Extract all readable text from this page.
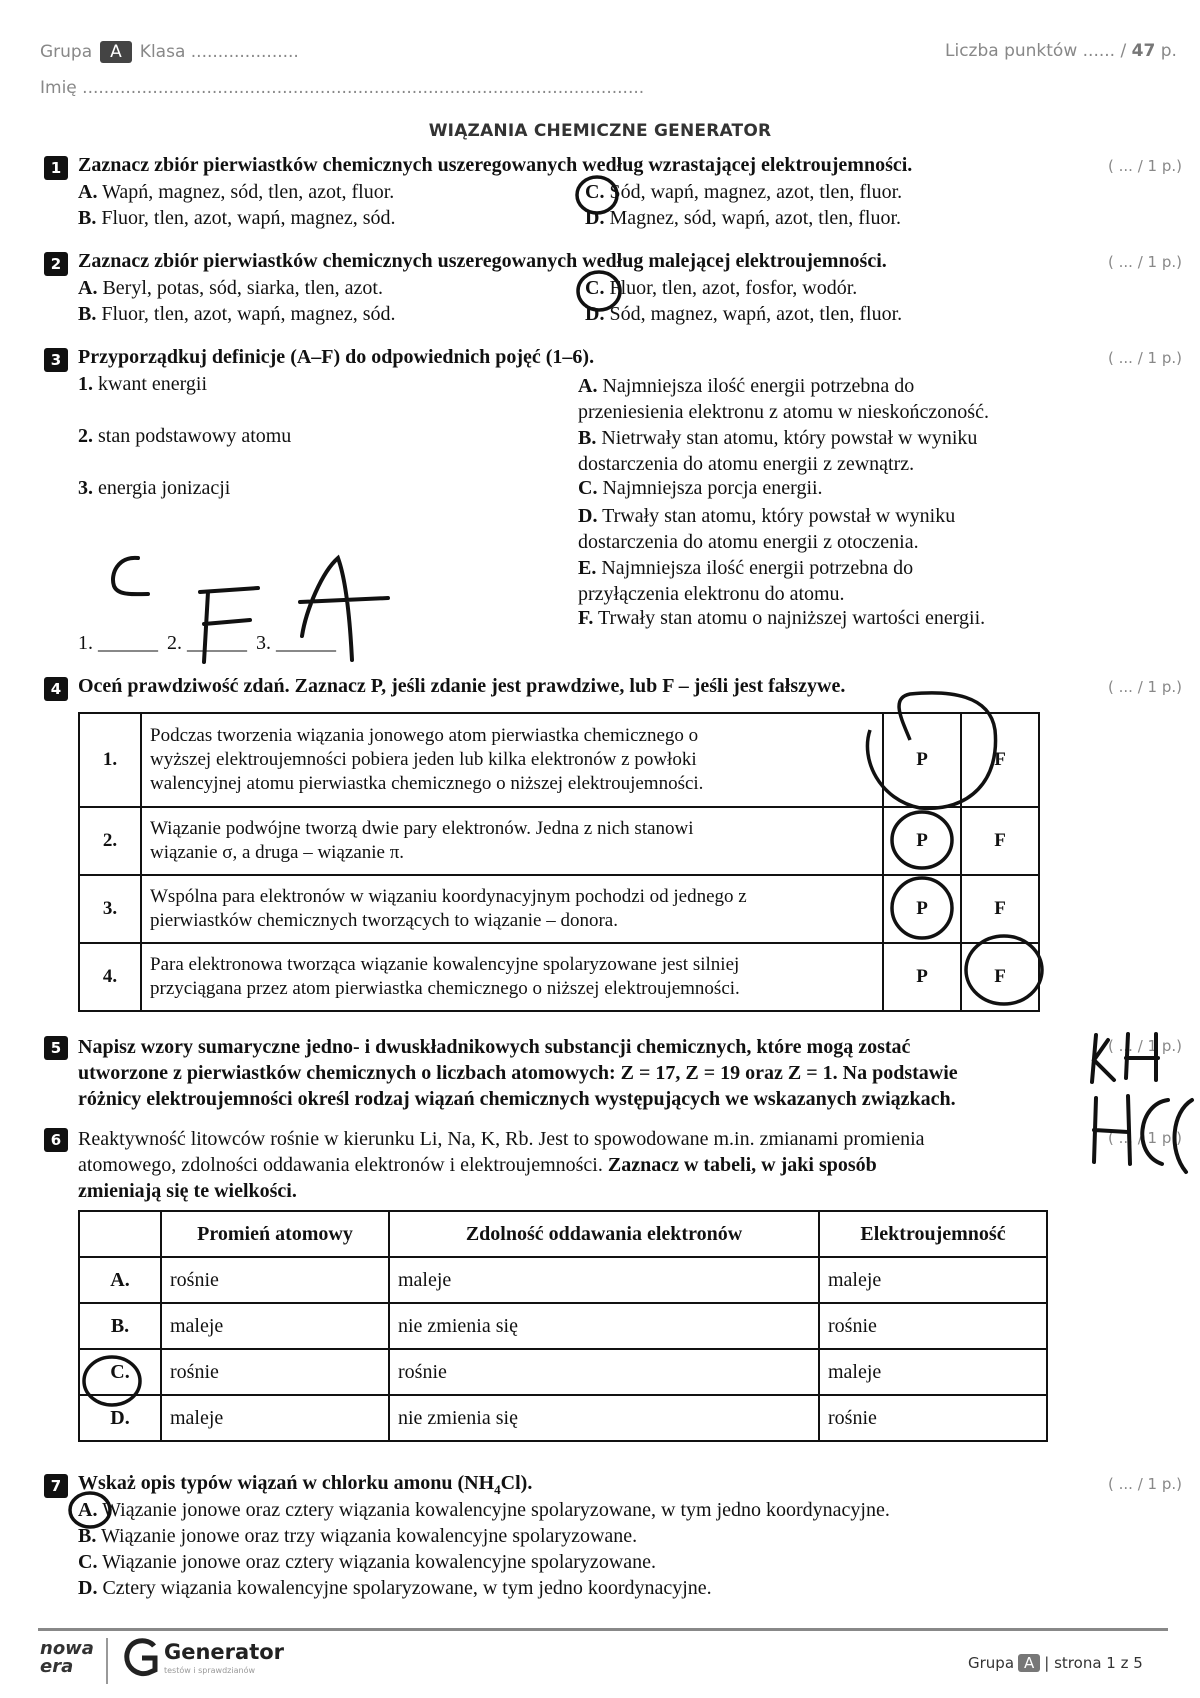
Grupa A Klasa ....................	Liczba punktów ...... / 47 p.
Imię ........................................................................................................
WIĄZANIA CHEMICZNE GENERATOR
1 Zaznacz zbiór pierwiastków chemicznych uszeregowanych według wzrastającej elektroujemności.	( ... / 1 p.)
A. Wapń, magnez, sód, tlen, azot, fluor.
B. Fluor, tlen, azot, wapń, magnez, sód.
C. Sód, wapń, magnez, azot, tlen, fluor.
D. Magnez, sód, wapń, azot, tlen, fluor.
2 Zaznacz zbiór pierwiastków chemicznych uszeregowanych według malejącej elektroujemności.	( ... / 1 p.)
A. Beryl, potas, sód, siarka, tlen, azot.
B. Fluor, tlen, azot, wapń, magnez, sód.
C. Fluor, tlen, azot, fosfor, wodór.
D. Sód, magnez, wapń, azot, tlen, fluor.
3 Przyporządkuj definicje (A–F) do odpowiednich pojęć (1–6).	( ... / 1 p.)
1. kwant energii
2. stan podstawowy atomu
3. energia jonizacji
A. Najmniejsza ilość energii potrzebna do
przeniesienia elektronu z atomu w nieskończoność.
B. Nietrwały stan atomu, który powstał w wyniku
dostarczenia do atomu energii z zewnątrz.
C. Najmniejsza porcja energii.
D. Trwały stan atomu, który powstał w wyniku
dostarczenia do atomu energii z otoczenia.
E. Najmniejsza ilość energii potrzebna do
przyłączenia elektronu do atomu.
F. Trwały stan atomu o najniższej wartości energii.
1. ______ 2. ______ 3. ______
4 Oceń prawdziwość zdań. Zaznacz P, jeśli zdanie jest prawdziwe, lub F – jeśli jest fałszywe.	( ... / 1 p.)
1.	Podczas tworzenia wiązania jonowego atom pierwiastka chemicznego o
wyższej elektroujemności pobiera jeden lub kilka elektronów z powłoki
walencyjnej atomu pierwiastka chemicznego o niższej elektroujemności.	P	F
2.	Wiązanie podwójne tworzą dwie pary elektronów. Jedna z nich stanowi
wiązanie σ, a druga – wiązanie π.	P	F
3.	Wspólna para elektronów w wiązaniu koordynacyjnym pochodzi od jednego z
pierwiastków chemicznych tworzących to wiązanie – donora.	P	F
4.	Para elektronowa tworząca wiązanie kowalencyjne spolaryzowane jest silniej
przyciągana przez atom pierwiastka chemicznego o niższej elektroujemności.	P	F
5 Napisz wzory sumaryczne jedno- i dwuskładnikowych substancji chemicznych, które mogą zostać
utworzone z pierwiastków chemicznych o liczbach atomowych: Z = 17, Z = 19 oraz Z = 1. Na podstawie
różnicy elektroujemności określ rodzaj wiązań chemicznych występujących we wskazanych związkach.
( ... / 1 p.)
6 Reaktywność litowców rośnie w kierunku Li, Na, K, Rb. Jest to spowodowane m.in. zmianami promienia
atomowego, zdolności oddawania elektronów i elektroujemności. Zaznacz w tabeli, w jaki sposób
zmieniają się te wielkości.
( ... / 1 p.)
	Promień atomowy	Zdolność oddawania elektronów	Elektroujemność
A.	rośnie	maleje	maleje
B.	maleje	nie zmienia się	rośnie
C.	rośnie	rośnie	maleje
D.	maleje	nie zmienia się	rośnie
7 Wskaż opis typów wiązań w chlorku amonu $(NH_4Cl)$.	( ... / 1 p.)
A. Wiązanie jonowe oraz cztery wiązania kowalencyjne spolaryzowane, w tym jedno koordynacyjne.
B. Wiązanie jonowe oraz trzy wiązania kowalencyjne spolaryzowane.
C. Wiązanie jonowe oraz cztery wiązania kowalencyjne spolaryzowane.
D. Cztery wiązania kowalencyjne spolaryzowane, w tym jedno koordynacyjne.
nowa
era
Generator
testów i sprawdzianów	Grupa A | strona 1 z 5
